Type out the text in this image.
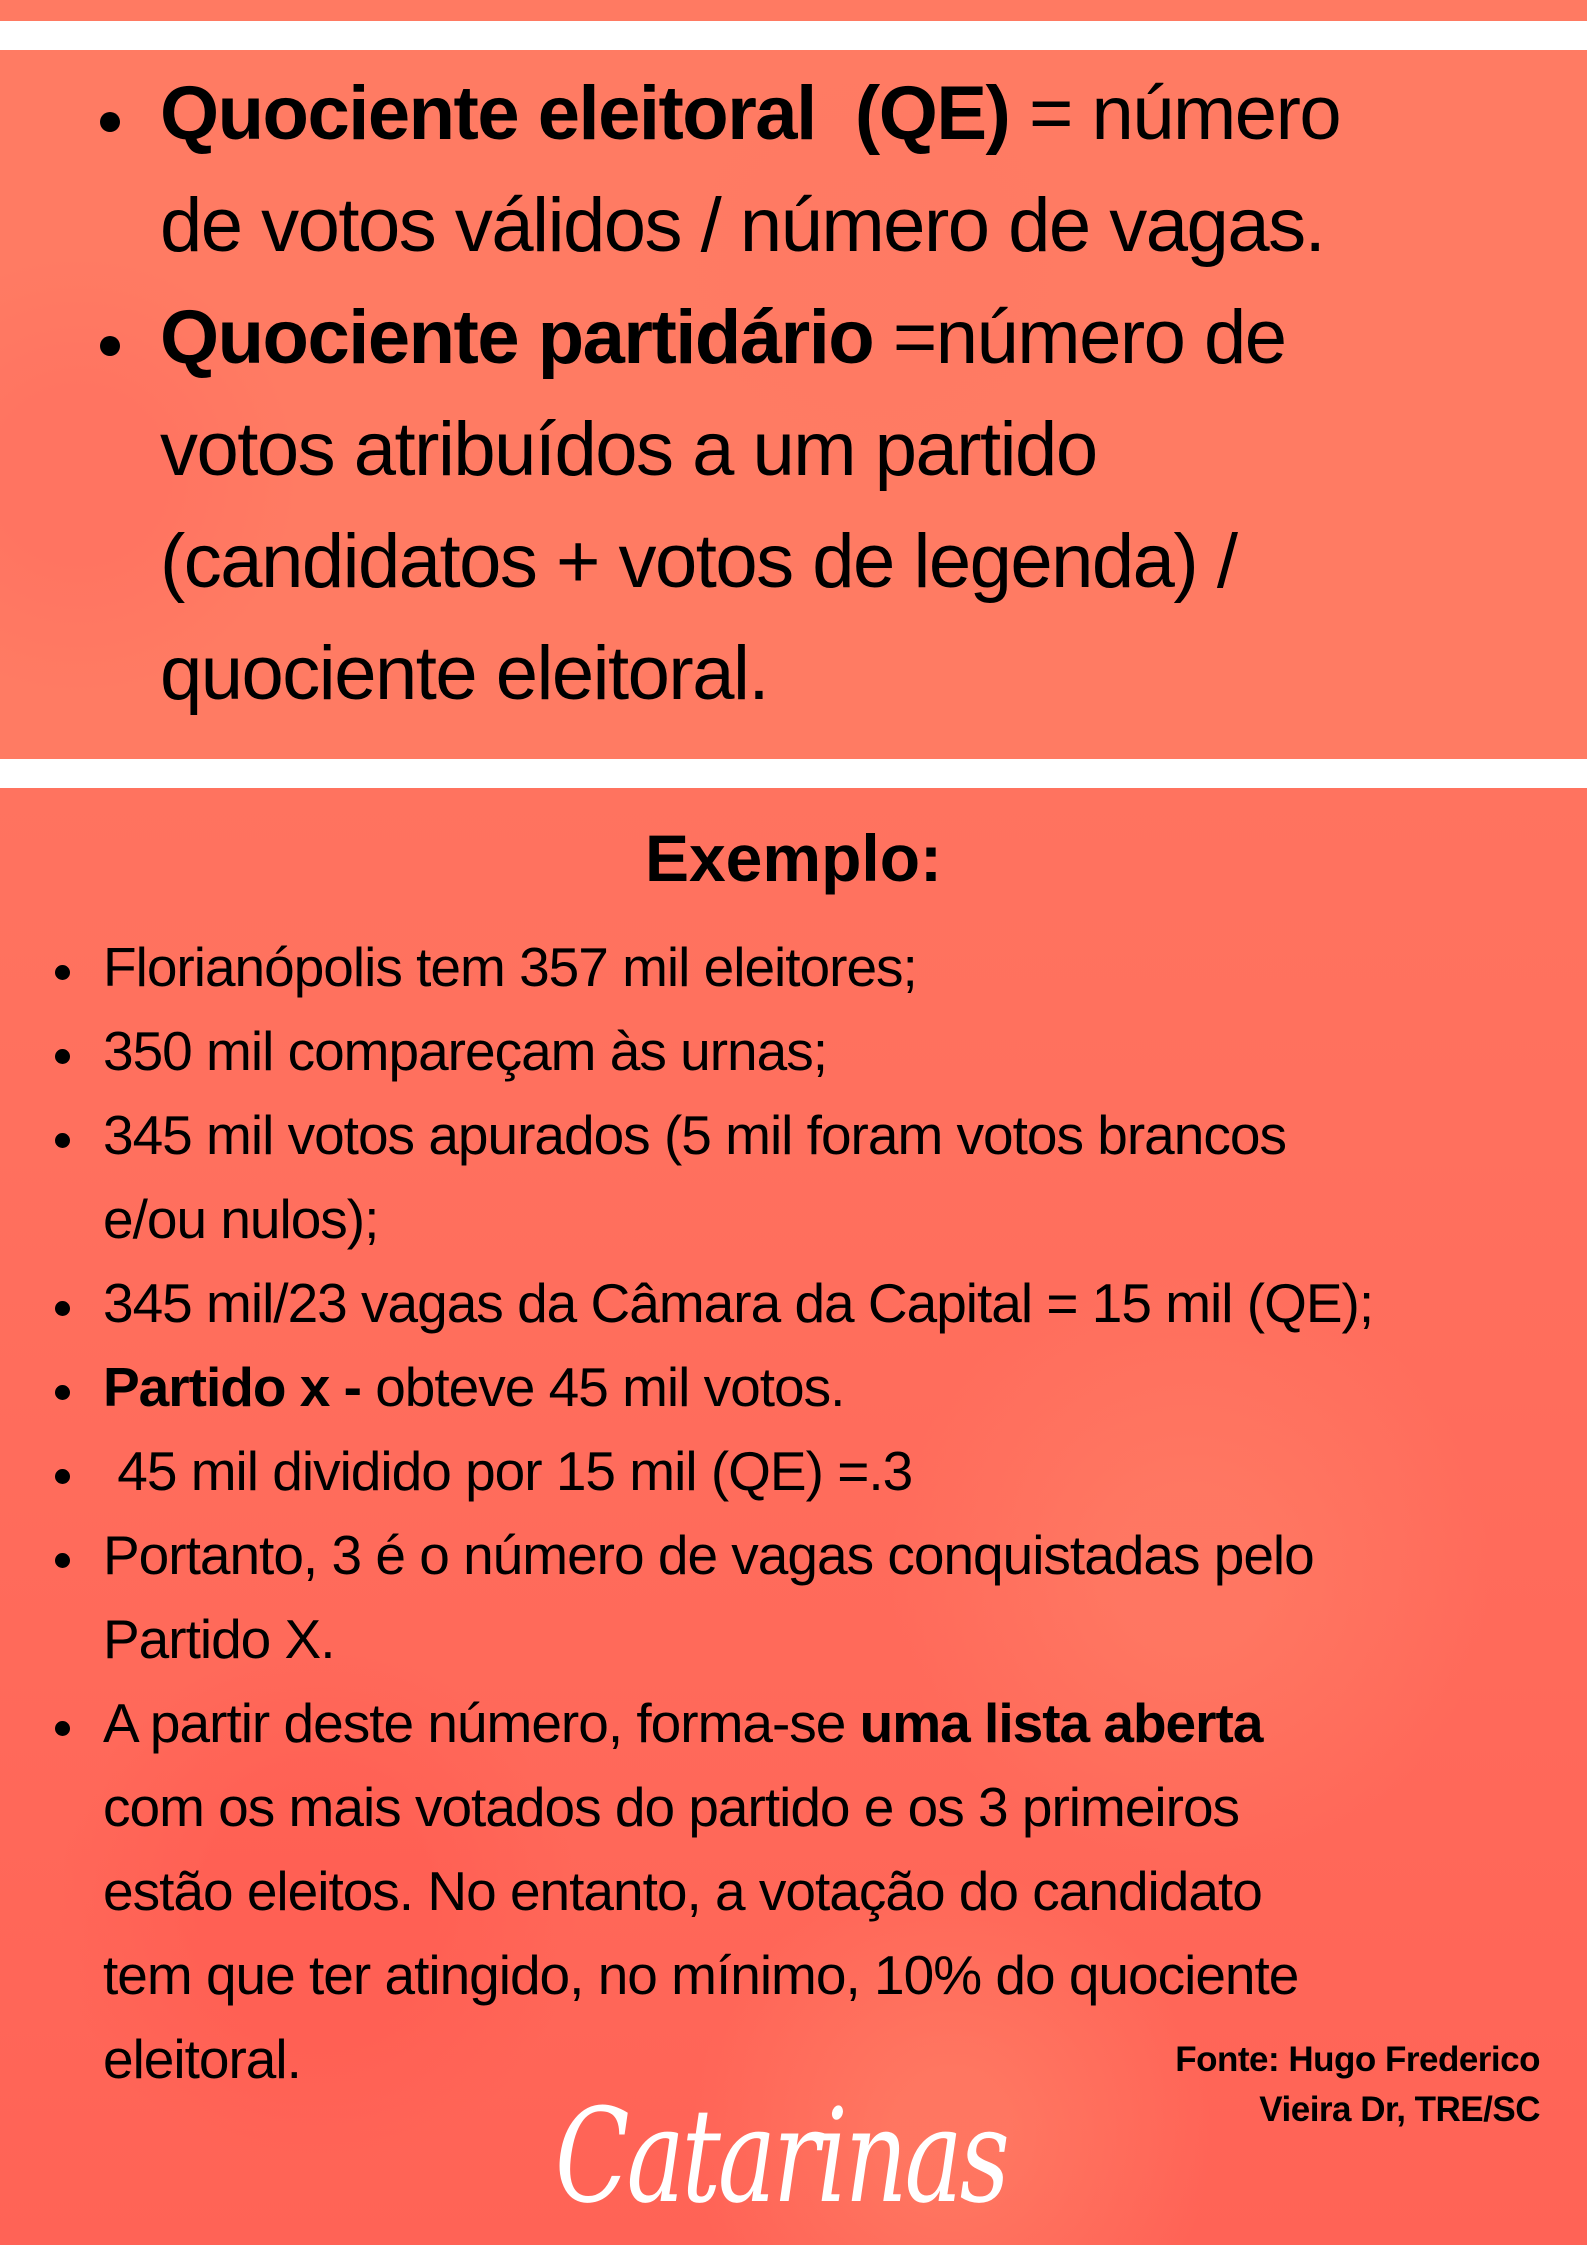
Quociente eleitoral  (QE) = número
de votos válidos / número de vagas.
Quociente partidário =número de
votos atribuídos a um partido
(candidatos + votos de legenda) /
quociente eleitoral.
Exemplo:
Florianópolis tem 357 mil eleitores;
350 mil compareçam às urnas;
345 mil votos apurados (5 mil foram votos brancos
e/ou nulos);
345 mil/23 vagas da Câmara da Capital = 15 mil (QE);
Partido x - obteve 45 mil votos.
45 mil dividido por 15 mil (QE) =.3
Portanto, 3 é o número de vagas conquistadas pelo
Partido X.
A partir deste número, forma-se uma lista aberta
com os mais votados do partido e os 3 primeiros
estão eleitos. No entanto, a votação do candidato
tem que ter atingido, no mínimo, 10% do quociente
eleitoral.	Fonte: Hugo Frederico
Vieira Dr, TRE/SC
Catarinas
